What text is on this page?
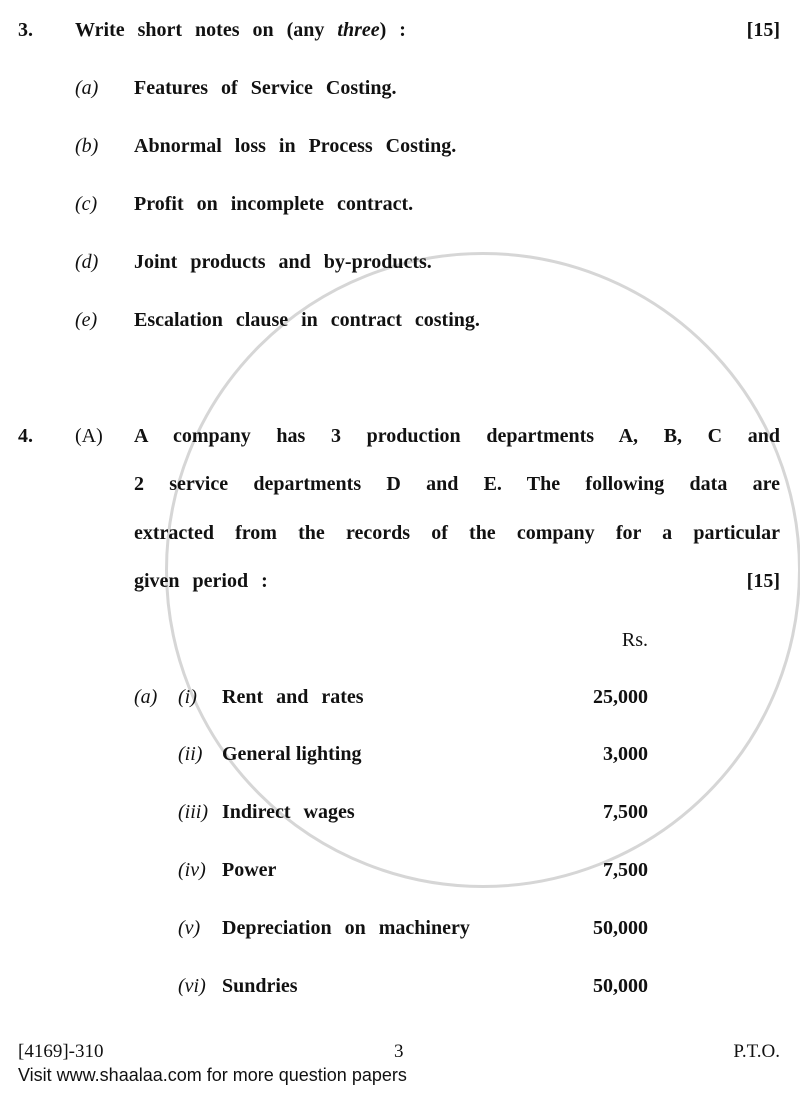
3. Write short notes on (any three) :	[15]
(a) Features of Service Costing.
(b) Abnormal loss in Process Costing.
(c) Profit on incomplete contract.
(d) Joint products and by-products.
(e) Escalation clause in contract costing.
4. (A) A company has 3 production departments A, B, C and
2 service departments D and E. The following data are
extracted from the records of the company for a particular
given period :	[15]
Rs.
(a) (i) Rent and rates	25,000
(ii) General lighting	3,000
(iii) Indirect wages	7,500
(iv) Power	7,500
(v) Depreciation on machinery	50,000
(vi) Sundries	50,000
[4169]-310	3	P.T.O.
Visit www.shaalaa.com for more question papers
